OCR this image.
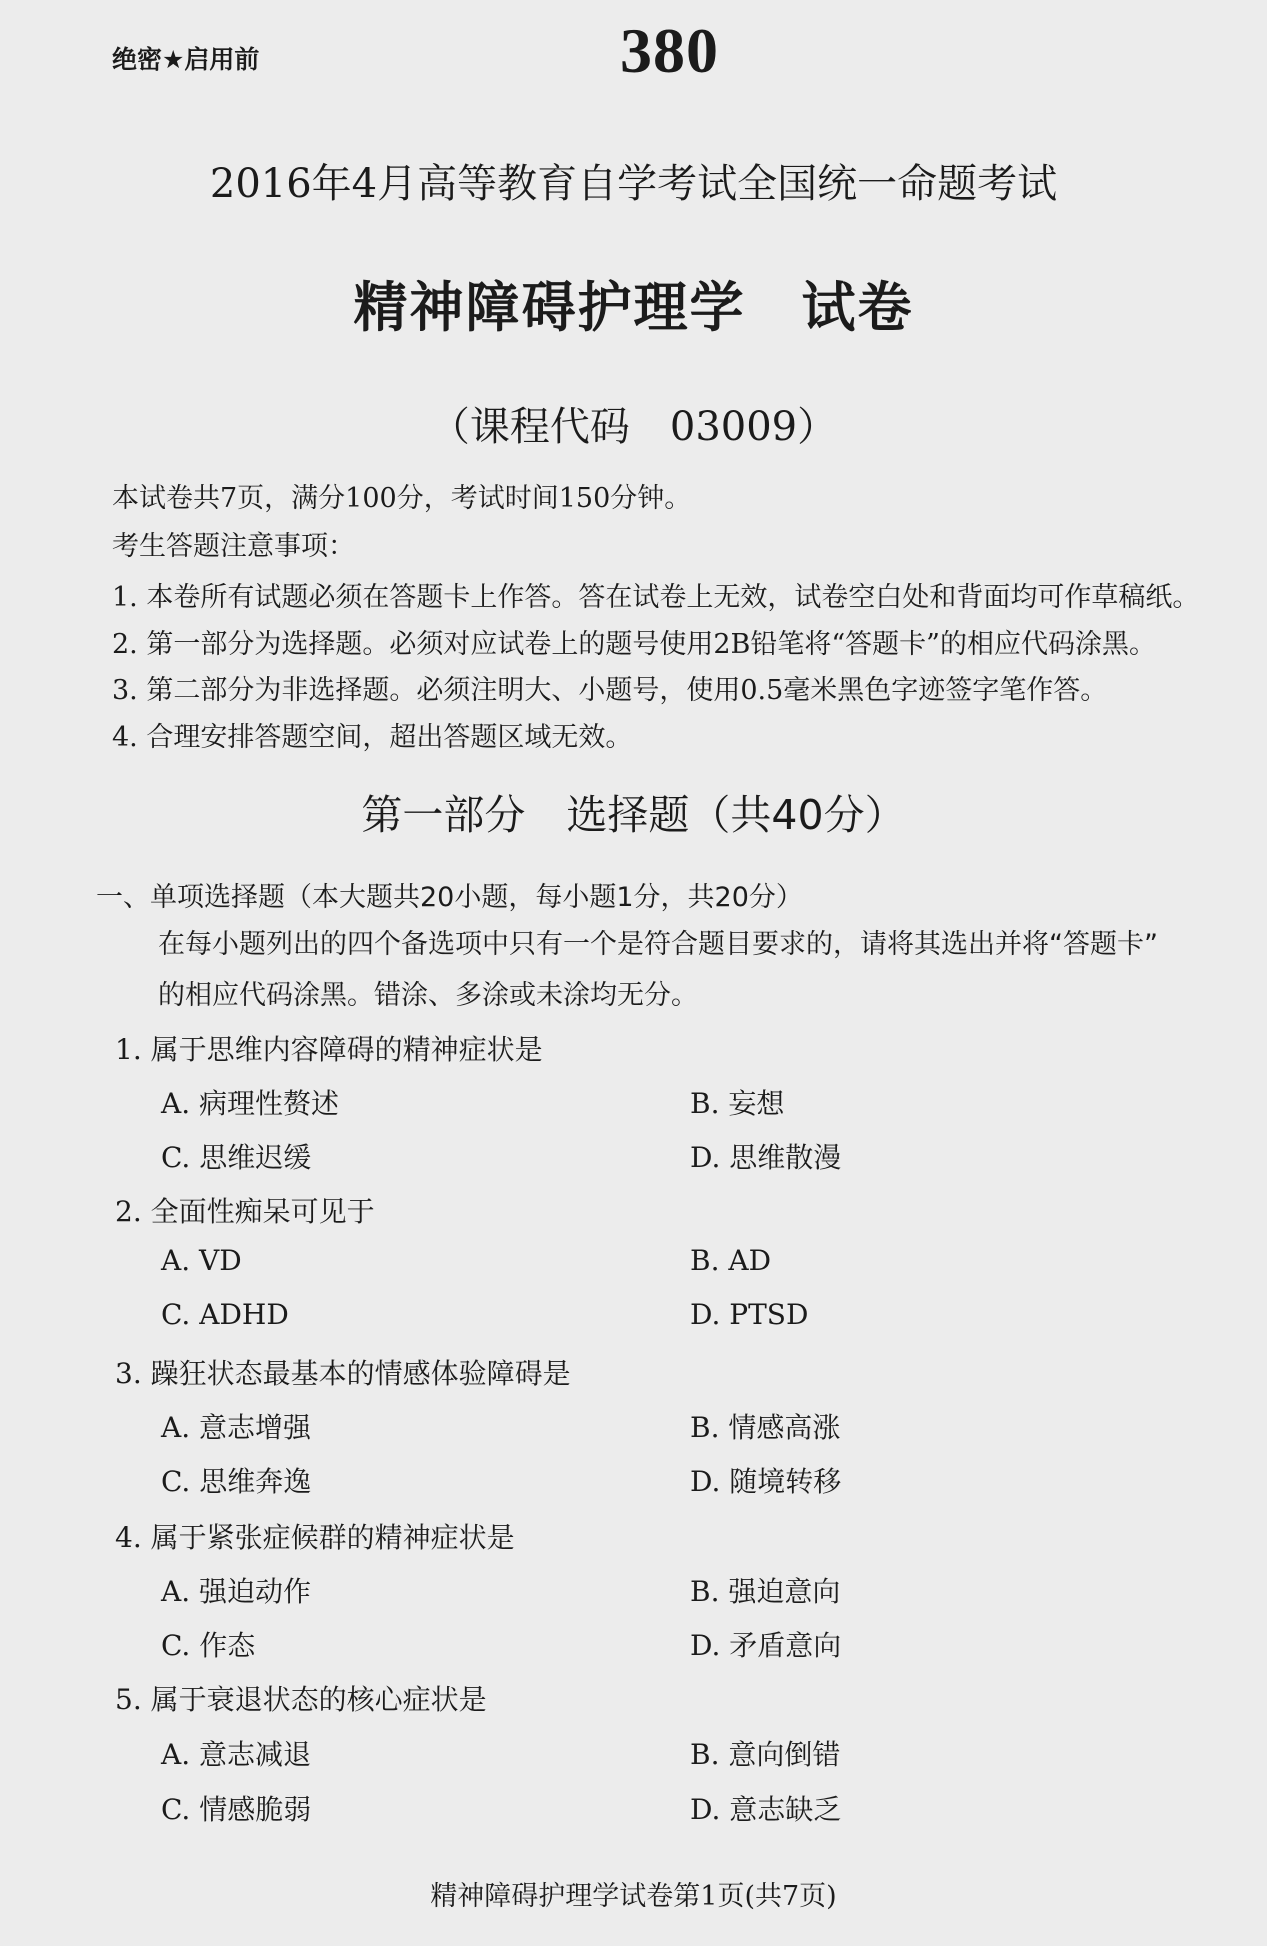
绝密★启用前	380
2016年4月高等教育自学考试全国统一命题考试
精神障碍护理学　试卷
（课程代码　03009）
本试卷共7页，满分100分，考试时间150分钟。
考生答题注意事项：
1. 本卷所有试题必须在答题卡上作答。答在试卷上无效，试卷空白处和背面均可作草稿纸。
2. 第一部分为选择题。必须对应试卷上的题号使用2B铅笔将“答题卡”的相应代码涂黑。
3. 第二部分为非选择题。必须注明大、小题号，使用0.5毫米黑色字迹签字笔作答。
4. 合理安排答题空间，超出答题区域无效。
第一部分　选择题（共40分）
一、单项选择题（本大题共20小题，每小题1分，共20分）
在每小题列出的四个备选项中只有一个是符合题目要求的，请将其选出并将“答题卡”
的相应代码涂黑。错涂、多涂或未涂均无分。
1. 属于思维内容障碍的精神症状是
A. 病理性赘述	B. 妄想
C. 思维迟缓	D. 思维散漫
2. 全面性痴呆可见于
A. VD	B. AD
C. ADHD	D. PTSD
3. 躁狂状态最基本的情感体验障碍是
A. 意志增强	B. 情感高涨
C. 思维奔逸	D. 随境转移
4. 属于紧张症候群的精神症状是
A. 强迫动作	B. 强迫意向
C. 作态	D. 矛盾意向
5. 属于衰退状态的核心症状是
A. 意志减退	B. 意向倒错
C. 情感脆弱	D. 意志缺乏
精神障碍护理学试卷第1页(共7页)
